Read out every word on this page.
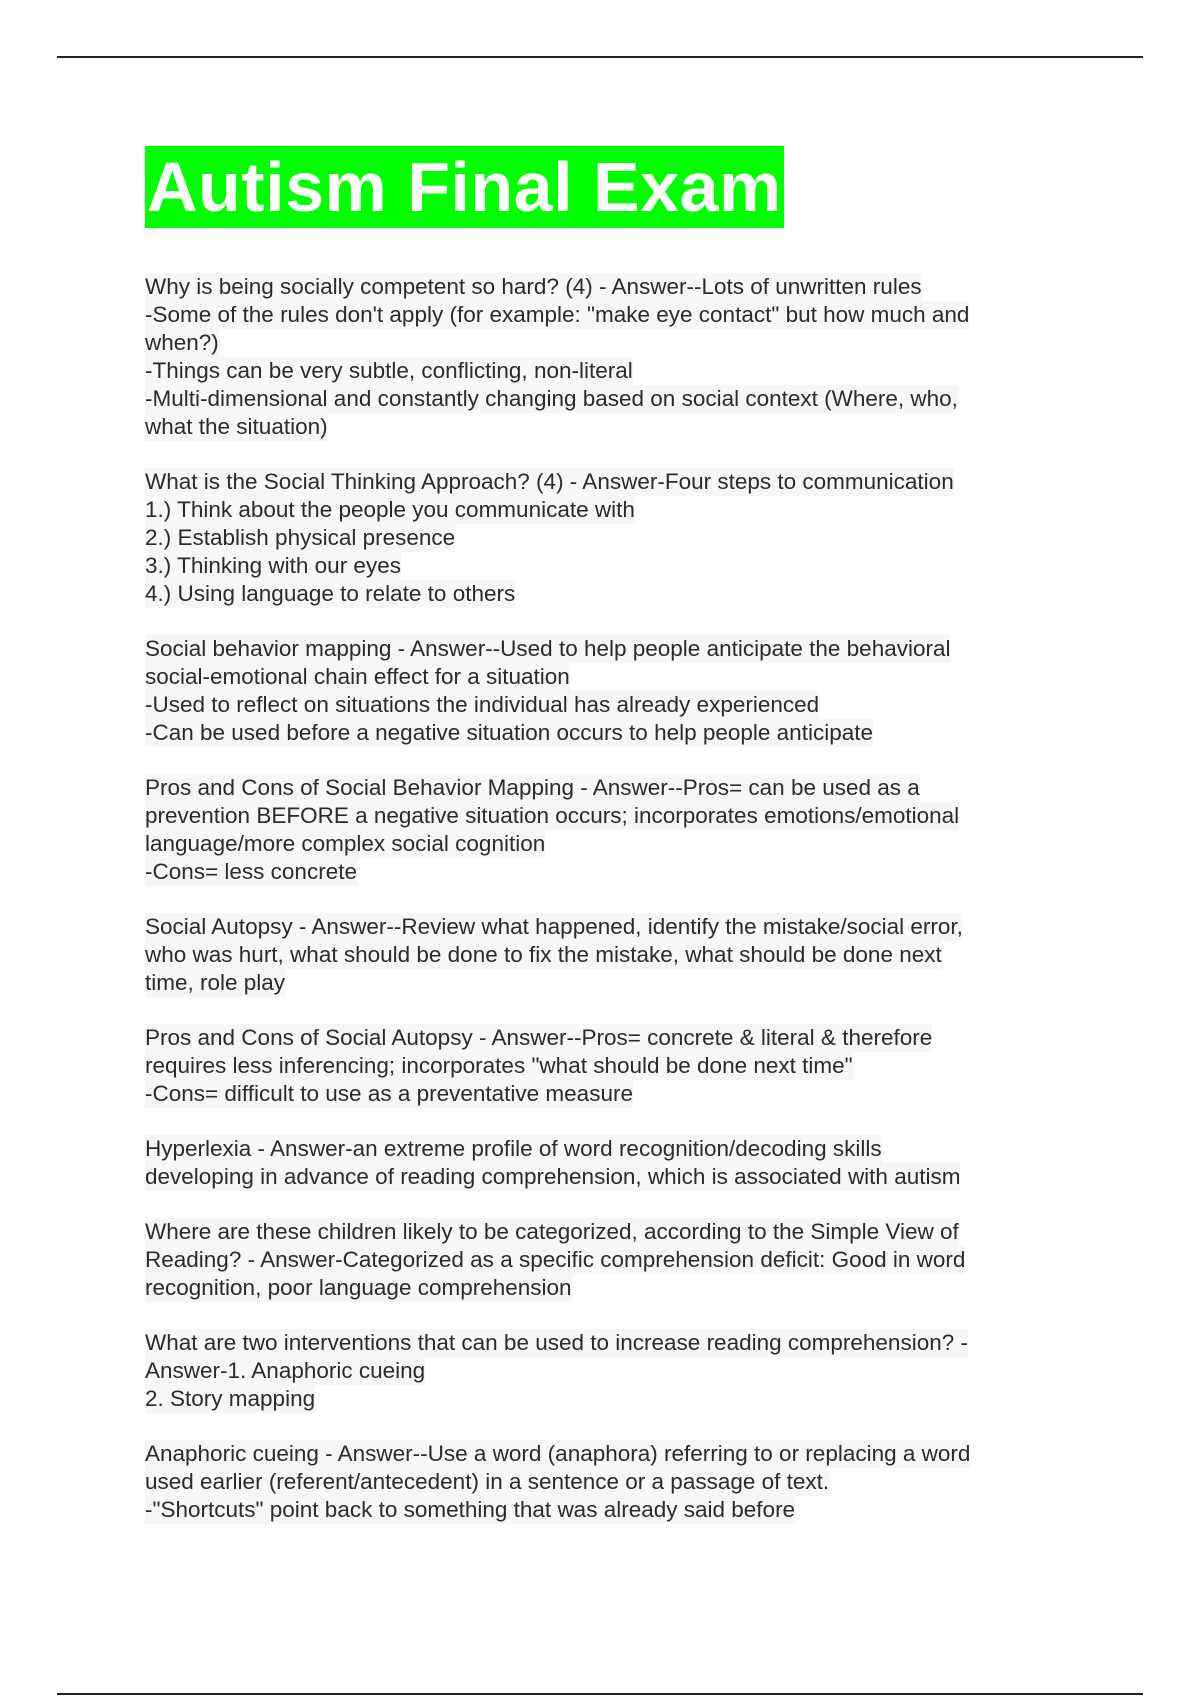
Autism Final Exam
Why is being socially competent so hard? (4) - Answer--Lots of unwritten rules
-Some of the rules don't apply (for example: "make eye contact" but how much and
when?)
-Things can be very subtle, conflicting, non-literal
-Multi-dimensional and constantly changing based on social context (Where, who,
what the situation)
What is the Social Thinking Approach? (4) - Answer-Four steps to communication
1.) Think about the people you communicate with
2.) Establish physical presence
3.) Thinking with our eyes
4.) Using language to relate to others
Social behavior mapping - Answer--Used to help people anticipate the behavioral
social-emotional chain effect for a situation
-Used to reflect on situations the individual has already experienced
-Can be used before a negative situation occurs to help people anticipate
Pros and Cons of Social Behavior Mapping - Answer--Pros= can be used as a
prevention BEFORE a negative situation occurs; incorporates emotions/emotional
language/more complex social cognition
-Cons= less concrete
Social Autopsy - Answer--Review what happened, identify the mistake/social error,
who was hurt, what should be done to fix the mistake, what should be done next
time, role play
Pros and Cons of Social Autopsy - Answer--Pros= concrete & literal & therefore
requires less inferencing; incorporates "what should be done next time"
-Cons= difficult to use as a preventative measure
Hyperlexia - Answer-an extreme profile of word recognition/decoding skills
developing in advance of reading comprehension, which is associated with autism
Where are these children likely to be categorized, according to the Simple View of
Reading? - Answer-Categorized as a specific comprehension deficit: Good in word
recognition, poor language comprehension
What are two interventions that can be used to increase reading comprehension? -
Answer-1. Anaphoric cueing
2. Story mapping
Anaphoric cueing - Answer--Use a word (anaphora) referring to or replacing a word
used earlier (referent/antecedent) in a sentence or a passage of text.
-"Shortcuts" point back to something that was already said before
